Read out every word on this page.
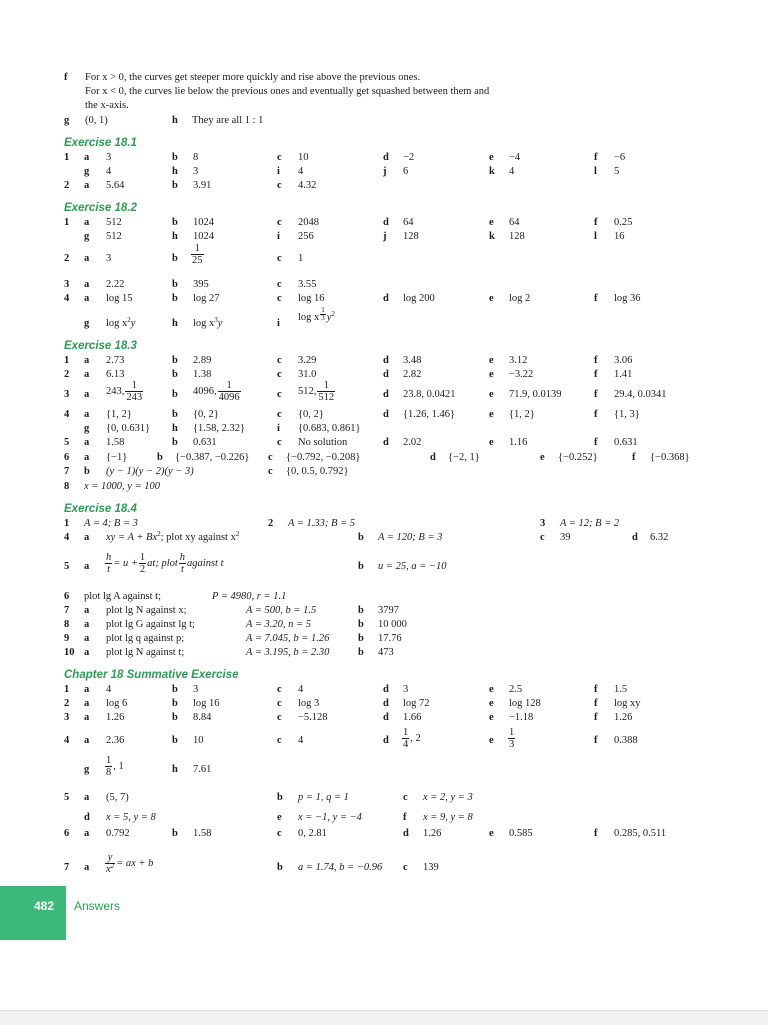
f For x > 0, the curves get steeper more quickly and rise above the previous ones.
For x < 0, the curves lie below the previous ones and eventually get squashed between them and
the x-axis.
g (0, 1)	h They are all 1 : 1
Exercise 18.1
1 a 3	b 8	c 10	d −2	e −4	f −6
g 4	h 3	i 4	j 6	k 4	l 5
2 a 5.64	b 3.91	c 4.32
Exercise 18.2
1 a 512	b 1024	c 2048	d 64	e 64	f 0.25
g 512	h 1024	i 256	j 128	k 128	l 16
2 a 3	b $\frac{1}{25}$	c 1
3 a 2.22	b 395	c 3.55
4 a log 15	b log 27	c log 16	d log 200	e log 2	f log 36
g $\log x^2y$	h $\log x^3y$	i
log x $\frac{1}{3} y^2$
Exercise 18.3
1 a 2.73	b 2.89	c 3.29	d 3.48	e 3.12	f 3.06
2 a 6.13	b 1.38	c 31.0	d 2.82	e −3.22	f 1.41
3 a 243, $\frac{1}{243}$	b 4096, $\frac{1}{4096}$	c 512, $\frac{1}{512}$	d 23.8, 0.0421	e 71.9, 0.0139	f 29.4, 0.0341
4 a {1, 2}	b {0, 2}	c {0, 2}	d {1.26, 1.46}	e {1, 2}	f {1, 3}
g {0, 0.631} h {1.58, 2.32}	i {0.683, 0.861}
5 a 1.58	b 0.631	c No solution	d 2.02	e 1.16	f 0.631
6 a {−1}	b {−0.387, −0.226} c {−0.792, −0.208}	d {−2, 1}	e {−0.252}	f {−0.368}
7 b (y − 1)(y − 2)(y − 3)	c {0, 0.5, 0.792}
8 x = 1000, y = 100
Exercise 18.4
1 A = 4; B = 3	2 A = 1.33; B = 5	3 A = 12; B = 2
4 a xy = $A + Bx^2$; plot xy against $x^2$	b A = 120; B = 3	c 39	d 6.32
5 a $\frac{h}{t} = u + \frac{1}{2}$ at; plot $\frac{h}{t}$ against t	b u = 25, a = −10
6 plot lg A against t;	P = 4980, r = 1.1
7 a plot lg N against x;	A = 500, b = 1.5	b 3797
8 a plot lg G against lg t;	A = 3.20, n = 5	b 10 000
9 a plot lg q against p;	A = 7.045, b = 1.26	b 17.76
10 a plot lg N against t;	A = 3.195, b = 2.30	b 473
Chapter 18 Summative Exercise
1 a 4	b 3	c 4	d 3	e 2.5	f 1.5
2 a log 6	b log 16	c log 3	d log 72	e log 128	f log xy
3 a 1.26	b 8.84	c −5.128	d 1.66	e −1.18	f 1.26
4 a 2.36	b 10	c 4	d $\frac{1}{4}$ , 2	e $\frac{1}{3}$	f 0.388
g $\frac{1}{8}$ , 1	h 7.61
5 a (5, 7)	b p = 1, q = 1	c x = 2, y = 3
d x = 5, y = 8	e x = −1, y = −4	f x = 9, y = 8
6 a 0.792	b 1.58	c 0, 2.81	d 1.26	e 0.585	f 0.285, 0.511
7 a $\frac{y}{x^2}$ = ax + b	b a = 1.74, b = −0.96 c 139
482 Answers
